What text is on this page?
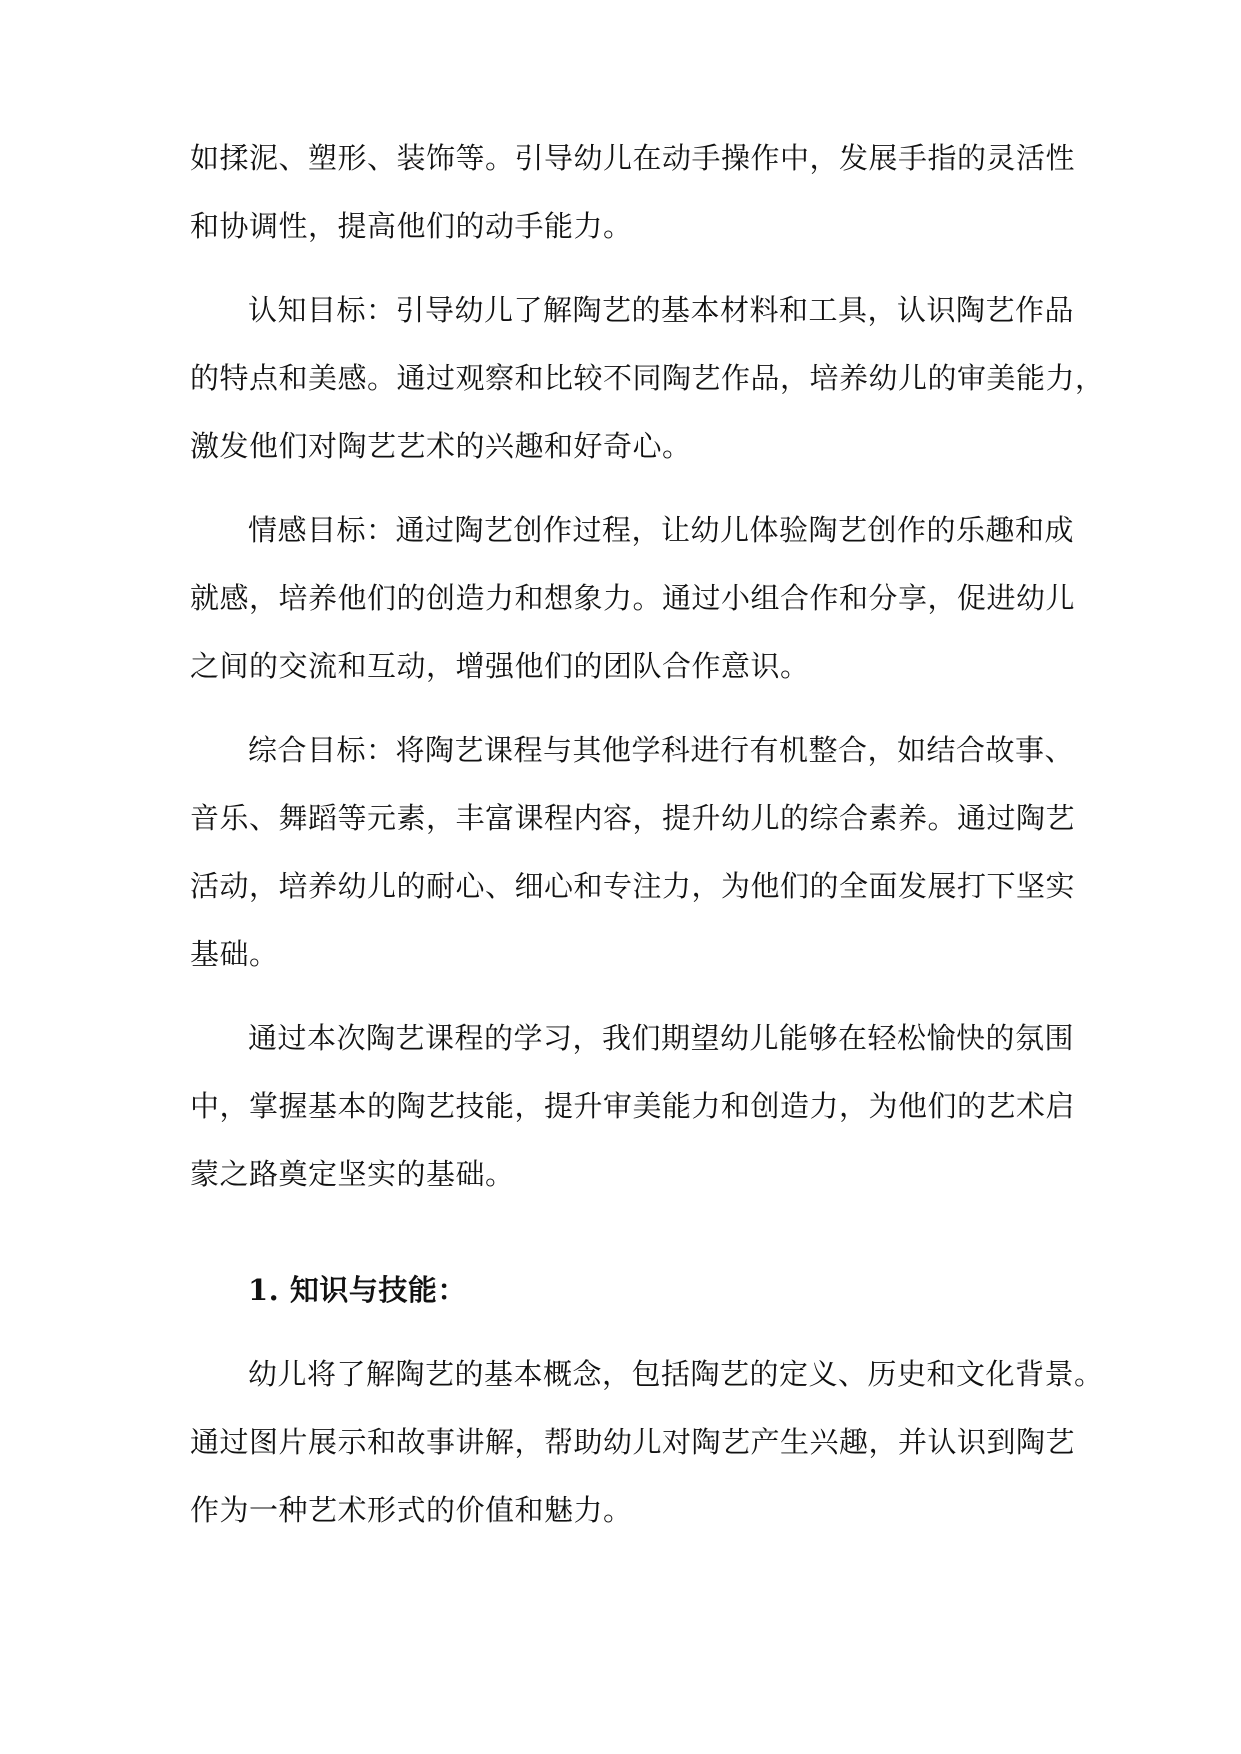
如揉泥、塑形、装饰等。引导幼儿在动手操作中，发展手指的灵活性
和协调性，提高他们的动手能力。
认知目标：引导幼儿了解陶艺的基本材料和工具，认识陶艺作品
的特点和美感。通过观察和比较不同陶艺作品，培养幼儿的审美能力，
激发他们对陶艺艺术的兴趣和好奇心。
情感目标：通过陶艺创作过程，让幼儿体验陶艺创作的乐趣和成
就感，培养他们的创造力和想象力。通过小组合作和分享，促进幼儿
之间的交流和互动，增强他们的团队合作意识。
综合目标：将陶艺课程与其他学科进行有机整合，如结合故事、
音乐、舞蹈等元素，丰富课程内容，提升幼儿的综合素养。通过陶艺
活动，培养幼儿的耐心、细心和专注力，为他们的全面发展打下坚实
基础。
通过本次陶艺课程的学习，我们期望幼儿能够在轻松愉快的氛围
中，掌握基本的陶艺技能，提升审美能力和创造力，为他们的艺术启
蒙之路奠定坚实的基础。
1. 知识与技能：
幼儿将了解陶艺的基本概念，包括陶艺的定义、历史和文化背景。
通过图片展示和故事讲解，帮助幼儿对陶艺产生兴趣，并认识到陶艺
作为一种艺术形式的价值和魅力。
